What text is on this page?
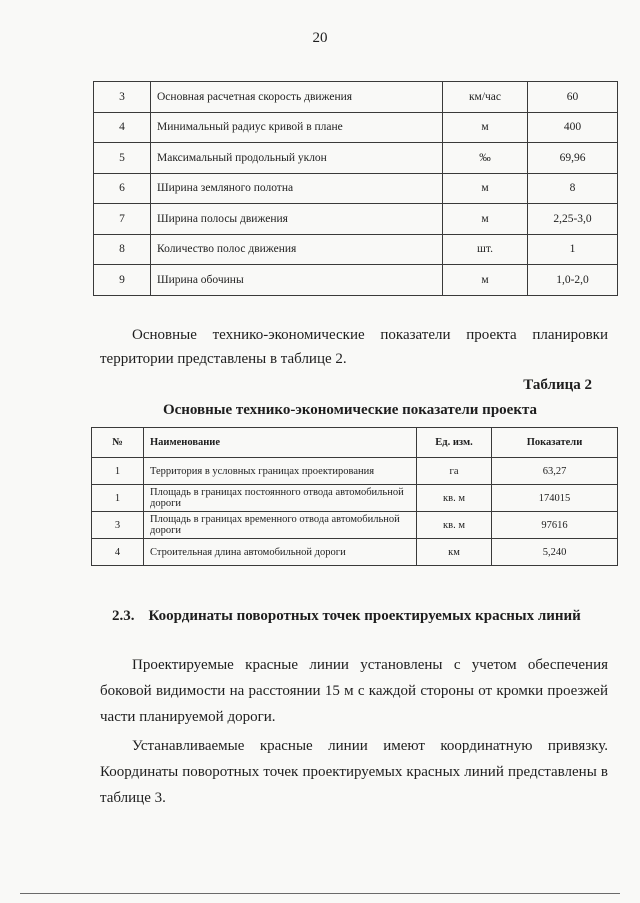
20
3	Основная расчетная скорость движения	км/час	60
4	Минимальный радиус кривой в плане	м	400
5	Максимальный продольный уклон	‰	69,96
6	Ширина земляного полотна	м	8
7	Ширина полосы движения	м	2,25-3,0
8	Количество полос движения	шт.	1
9	Ширина обочины	м	1,0-2,0
Основные технико-экономические показатели проекта планировки территории представлены в таблице 2.
Таблица 2
Основные технико-экономические показатели проекта
№	Наименование	Ед. изм.	Показатели
1	Территория в условных границах проектирования	га	63,27
1	Площадь в границах постоянного отвода автомобильной дороги	кв. м	174015
3	Площадь в границах временного отвода автомобильной дороги	кв. м	97616
4	Строительная длина автомобильной дороги	км	5,240
2.3. Координаты поворотных точек проектируемых красных линий
Проектируемые красные линии установлены с учетом обеспечения боковой видимости на расстоянии 15 м с каждой стороны от кромки проезжей части планируемой дороги.
Устанавливаемые красные линии имеют координатную привязку. Координаты поворотных точек проектируемых красных линий представлены в таблице 3.
